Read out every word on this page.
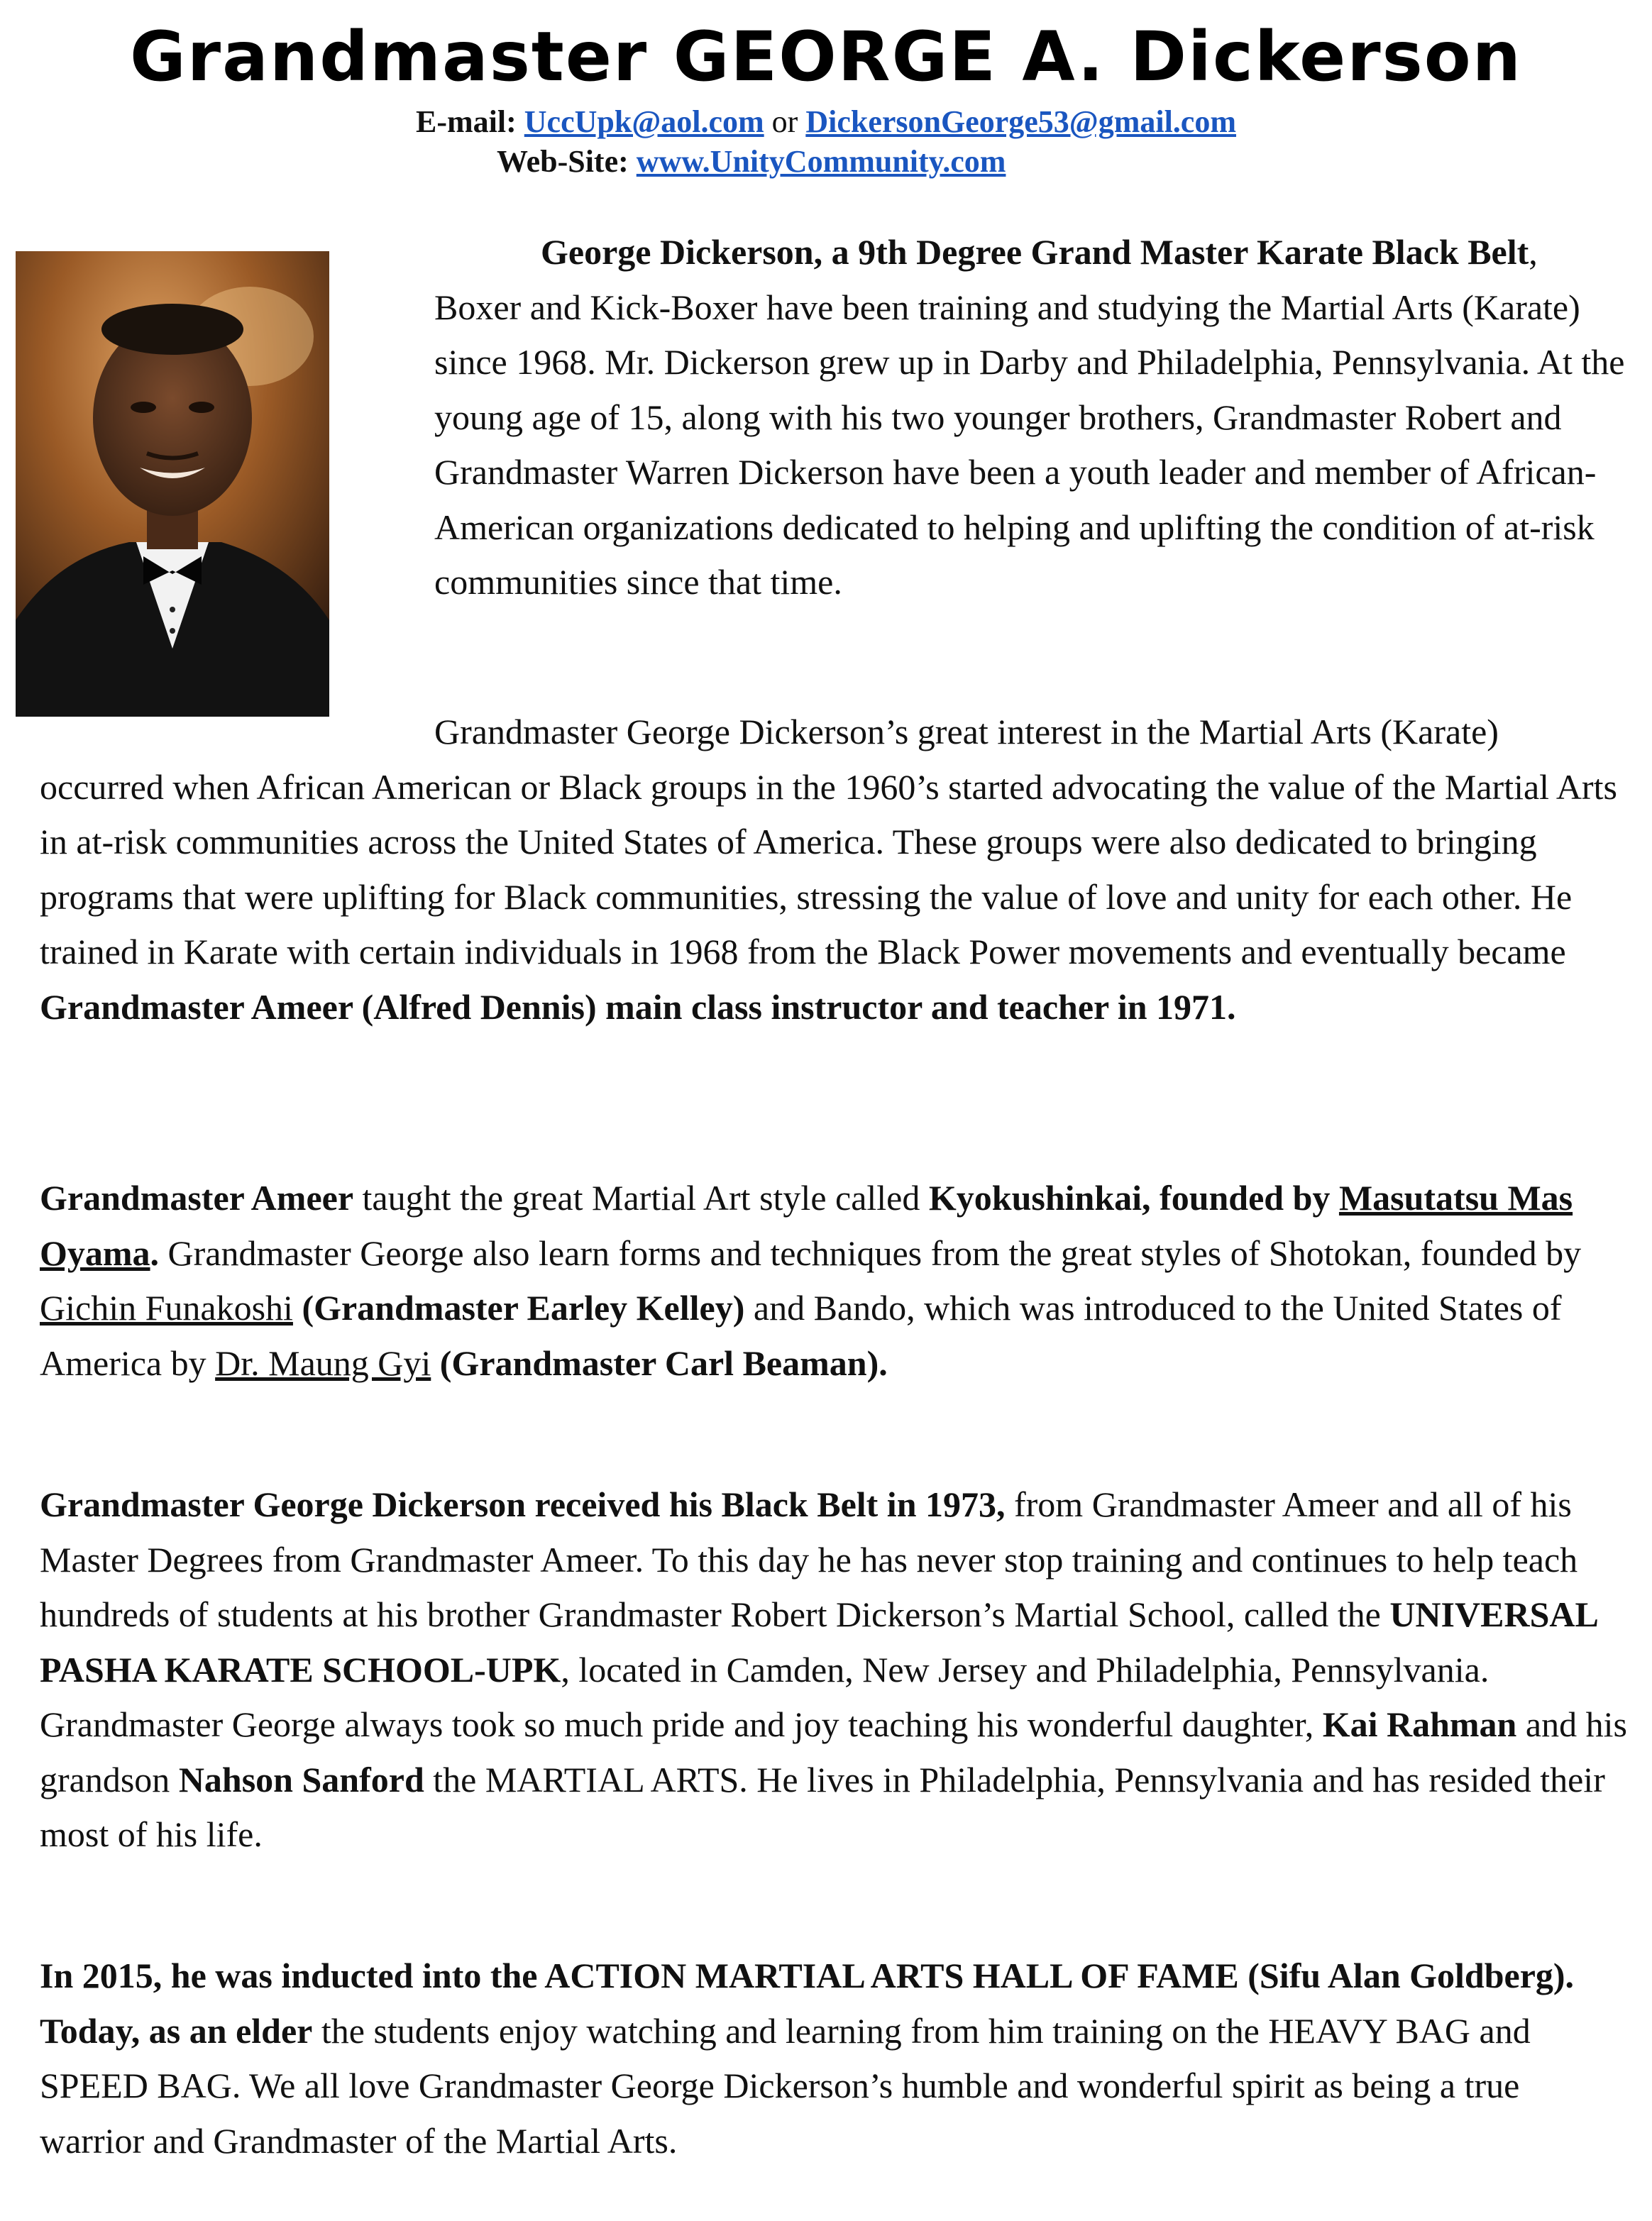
Grandmaster GEORGE A. Dickerson

E-mail: UccUpk@aol.com or DickersonGeorge53@gmail.com

Web-Site: www.UnityCommunity.com

George Dickerson, a 9th Degree Grand Master Karate Black Belt, Boxer and Kick-Boxer have been training and studying the Martial Arts (Karate) since 1968. Mr. Dickerson grew up in Darby and Philadelphia, Pennsylvania. At the young age of 15, along with his two younger brothers, Grandmaster Robert and Grandmaster Warren Dickerson have been a youth leader and member of African-American organizations dedicated to helping and uplifting the condition of at-risk communities since that time.

Grandmaster George Dickerson’s great interest in the Martial Arts (Karate) occurred when African American or Black groups in the 1960’s started advocating the value of the Martial Arts in at-risk communities across the United States of America. These groups were also dedicated to bringing programs that were uplifting for Black communities, stressing the value of love and unity for each other. He trained in Karate with certain individuals in 1968 from the Black Power movements and eventually became Grandmaster Ameer (Alfred Dennis) main class instructor and teacher in 1971.

Grandmaster Ameer taught the great Martial Art style called Kyokushinkai, founded by Masutatsu Mas Oyama. Grandmaster George also learn forms and techniques from the great styles of Shotokan, founded by Gichin Funakoshi (Grandmaster Earley Kelley) and Bando, which was introduced to the United States of America by Dr. Maung Gyi (Grandmaster Carl Beaman).

Grandmaster George Dickerson received his Black Belt in 1973, from Grandmaster Ameer and all of his Master Degrees from Grandmaster Ameer. To this day he has never stop training and continues to help teach hundreds of students at his brother Grandmaster Robert Dickerson’s Martial School, called the UNIVERSAL PASHA KARATE SCHOOL-UPK, located in Camden, New Jersey and Philadelphia, Pennsylvania. Grandmaster George always took so much pride and joy teaching his wonderful daughter, Kai Rahman and his grandson Nahson Sanford the MARTIAL ARTS. He lives in Philadelphia, Pennsylvania and has resided their most of his life.

In 2015, he was inducted into the ACTION MARTIAL ARTS HALL OF FAME (Sifu Alan Goldberg). Today, as an elder the students enjoy watching and learning from him training on the HEAVY BAG and SPEED BAG. We all love Grandmaster George Dickerson’s humble and wonderful spirit as being a true warrior and Grandmaster of the Martial Arts.
